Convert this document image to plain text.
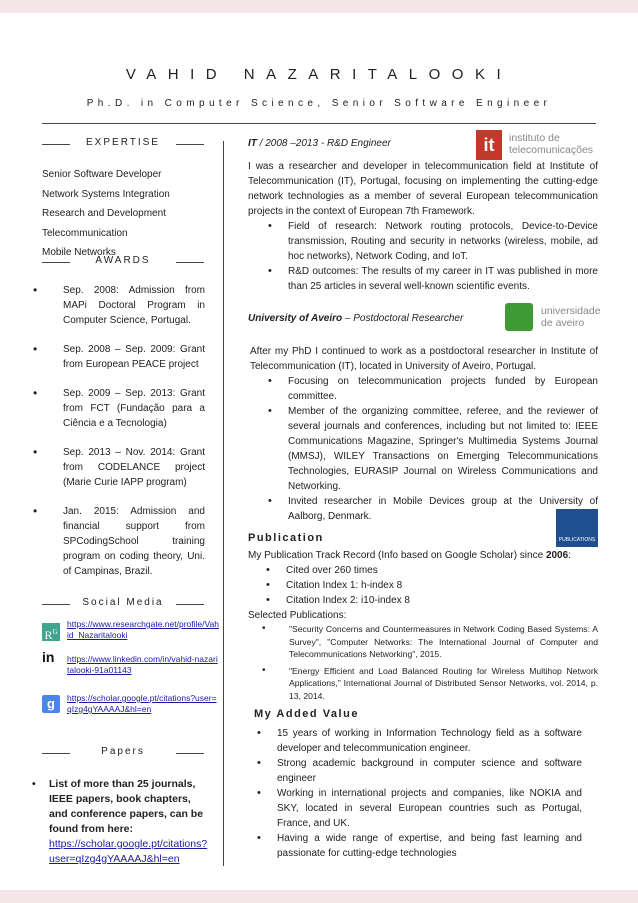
VAHID NAZARITALOOKI
Ph.D. in Computer Science, Senior Software Engineer
EXPERTISE
Senior Software Developer
Network Systems Integration
Research and Development
Telecommunication
Mobile Networks
AWARDS
• Sep. 2008: Admission from MAPi Doctoral Program in Computer Science, Portugal.
• Sep. 2008 – Sep. 2009: Grant from European PEACE project
• Sep. 2009 – Sep. 2013: Grant from FCT (Fundação para a Ciência e a Tecnologia)
• Sep. 2013 – Nov. 2014: Grant from CODELANCE project (Marie Curie IAPP program)
• Jan. 2015: Admission and financial support from SPCodingSchool training program on coding theory, Uni. of Campinas, Brazil.
Social Media
$R^G$
https://www.researchgate.net/profile/Vahid_Nazaritalooki
in	https://www.linkedin.com/in/vahid-nazaritalooki-91a01143
g	https://scholar.google.pt/citations?user=qIzg4gYAAAAJ&hl=en
Papers
• List of more than 25 journals, IEEE papers, book chapters, and conference papers, can be found from here:
https://scholar.google.pt/citations?user=qIzg4gYAAAAJ&hl=en
IT / 2008 –2013 - R&D Engineer	it	instituto de
telecomunicações
I was a researcher and developer in telecommunication field at Institute of Telecommunication (IT), Portugal, focusing on implementing the cutting-edge network technologies as a member of several European telecommunication projects in the context of European 7th Framework.
• Field of research: Network routing protocols, Device-to-Device transmission, Routing and security in networks (wireless, mobile, ad hoc networks), Network Coding, and IoT.
• R&D outcomes: The results of my career in IT was published in more than 25 articles in several well-known scientific events.
University of Aveiro – Postdoctoral Researcher
universidade
de aveiro
After my PhD I continued to work as a postdoctoral researcher in Institute of Telecommunication (IT), located in University of Aveiro, Portugal.
• Focusing on telecommunication projects funded by European committee.
• Member of the organizing committee, referee, and the reviewer of several journals and conferences, including but not limited to: IEEE Communications Magazine, Springer's Multimedia Systems Journal (MMSJ), WILEY Transactions on Emerging Telecommunications Technologies, EURASIP Journal on Wireless Communications and Networking.
• Invited researcher in Mobile Devices group at the University of Aalborg, Denmark.
Publication	PUBLICATIONS
My Publication Track Record (Info based on Google Scholar) since 2006:
• Cited over 260 times
• Citation Index 1: h-index 8
• Citation Index 2: i10-index 8
Selected Publications:
• "Security Concerns and Countermeasures in Network Coding Based Systems: A Survey", "Computer Networks: The International Journal of Computer and Telecommunications Networking", 2015.
• "Energy Efficient and Load Balanced Routing for Wireless Multihop Network Applications," International Journal of Distributed Sensor Networks, vol. 2014, p. 13, 2014.
My Added Value
• 15 years of working in Information Technology field as a software developer and telecommunication engineer.
• Strong academic background in computer science and software engineer
• Working in international projects and companies, like NOKIA and SKY, located in several European countries such as Portugal, France, and UK.
• Having a wide range of expertise, and being fast learning and passionate for cutting-edge technologies
